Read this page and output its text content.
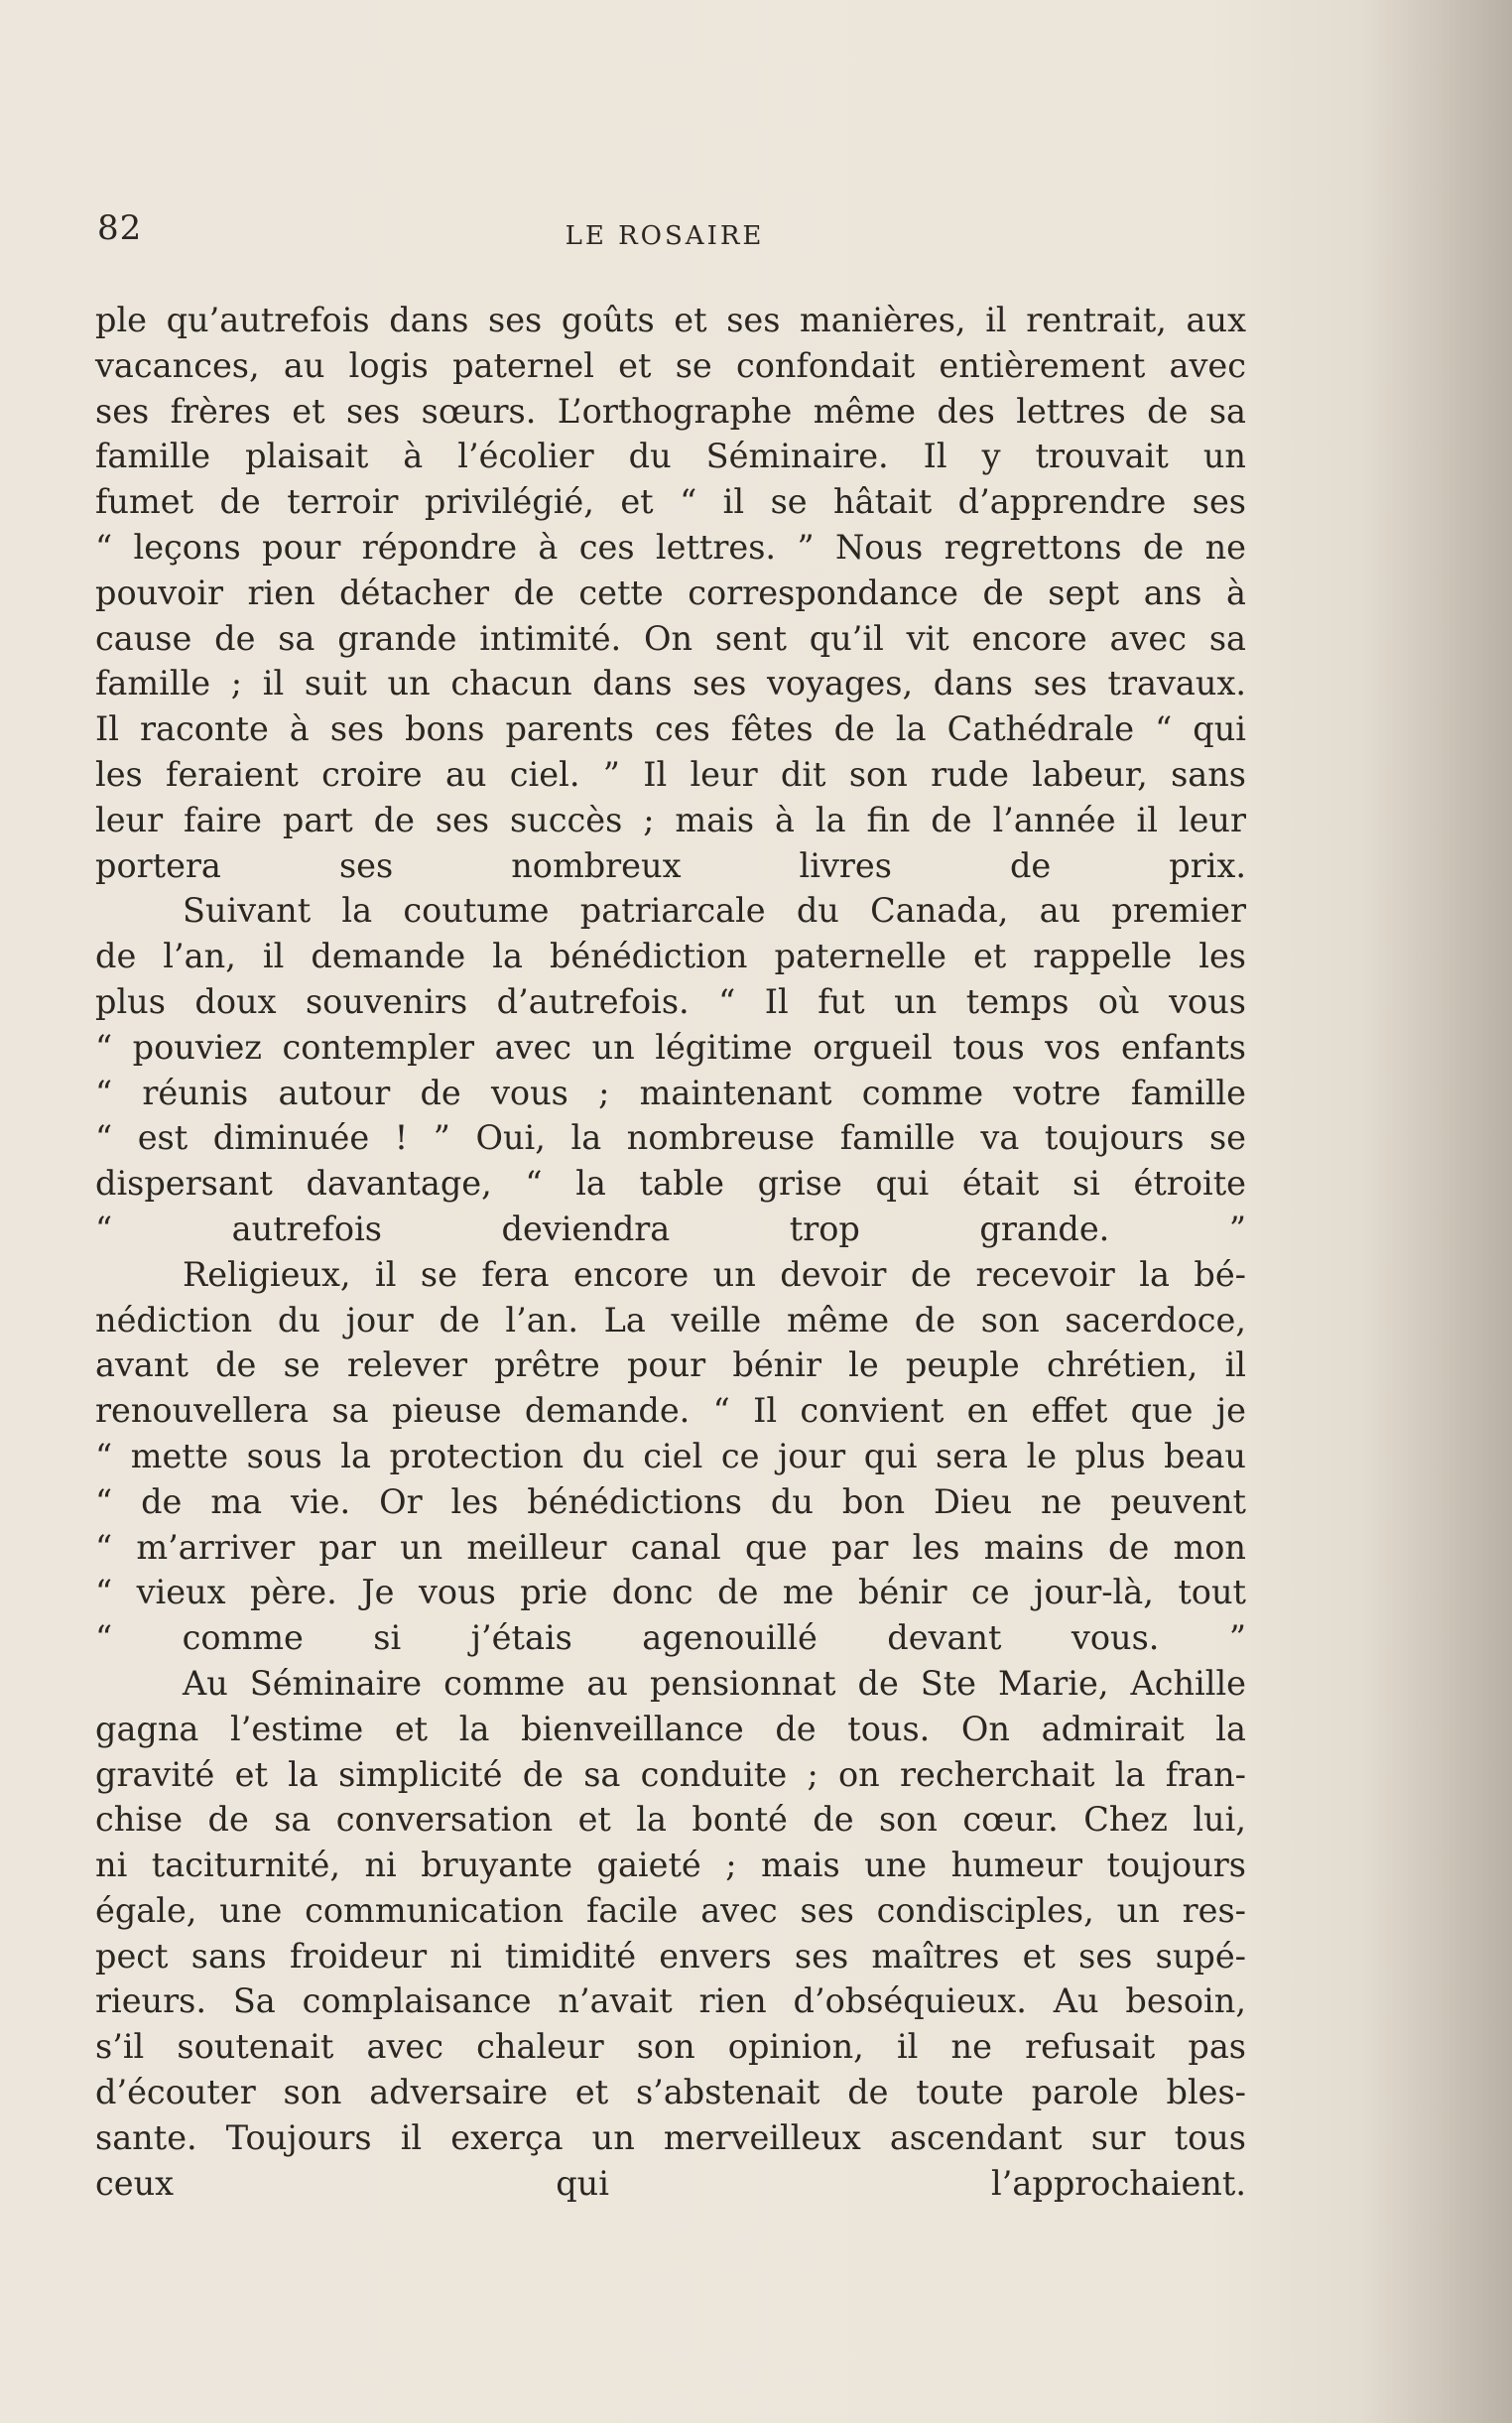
82	LE ROSAIRE

ple qu’autrefois dans ses goûts et ses manières, il rentrait, aux
vacances, au logis paternel et se confondait entièrement avec
ses frères et ses sœurs. L’orthographe même des lettres de sa
famille plaisait à l’écolier du Séminaire. Il y trouvait un
fumet de terroir privilégié, et “ il se hâtait d’apprendre ses
“ leçons pour répondre à ces lettres. ” Nous regrettons de ne
pouvoir rien détacher de cette correspondance de sept ans à
cause de sa grande intimité. On sent qu’il vit encore avec sa
famille ; il suit un chacun dans ses voyages, dans ses travaux.
Il raconte à ses bons parents ces fêtes de la Cathédrale “ qui
les feraient croire au ciel. ” Il leur dit son rude labeur, sans
leur faire part de ses succès ; mais à la fin de l’année il leur
portera ses nombreux livres de prix.

Suivant la coutume patriarcale du Canada, au premier
de l’an, il demande la bénédiction paternelle et rappelle les
plus doux souvenirs d’autrefois. “ Il fut un temps où vous
“ pouviez contempler avec un légitime orgueil tous vos enfants
“ réunis autour de vous ; maintenant comme votre famille
“ est diminuée ! ” Oui, la nombreuse famille va toujours se
dispersant davantage, “ la table grise qui était si étroite
“ autrefois deviendra trop grande. ”

Religieux, il se fera encore un devoir de recevoir la bé-
nédiction du jour de l’an. La veille même de son sacerdoce,
avant de se relever prêtre pour bénir le peuple chrétien, il
renouvellera sa pieuse demande. “ Il convient en effet que je
“ mette sous la protection du ciel ce jour qui sera le plus beau
“ de ma vie. Or les bénédictions du bon Dieu ne peuvent
“ m’arriver par un meilleur canal que par les mains de mon
“ vieux père. Je vous prie donc de me bénir ce jour-là, tout
“ comme si j’étais agenouillé devant vous. ”

Au Séminaire comme au pensionnat de Ste Marie, Achille
gagna l’estime et la bienveillance de tous. On admirait la
gravité et la simplicité de sa conduite ; on recherchait la fran-
chise de sa conversation et la bonté de son cœur. Chez lui,
ni taciturnité, ni bruyante gaieté ; mais une humeur toujours
égale, une communication facile avec ses condisciples, un res-
pect sans froideur ni timidité envers ses maîtres et ses supé-
rieurs. Sa complaisance n’avait rien d’obséquieux. Au besoin,
s’il soutenait avec chaleur son opinion, il ne refusait pas
d’écouter son adversaire et s’abstenait de toute parole bles-
sante. Toujours il exerça un merveilleux ascendant sur tous
ceux qui l’approchaient.
